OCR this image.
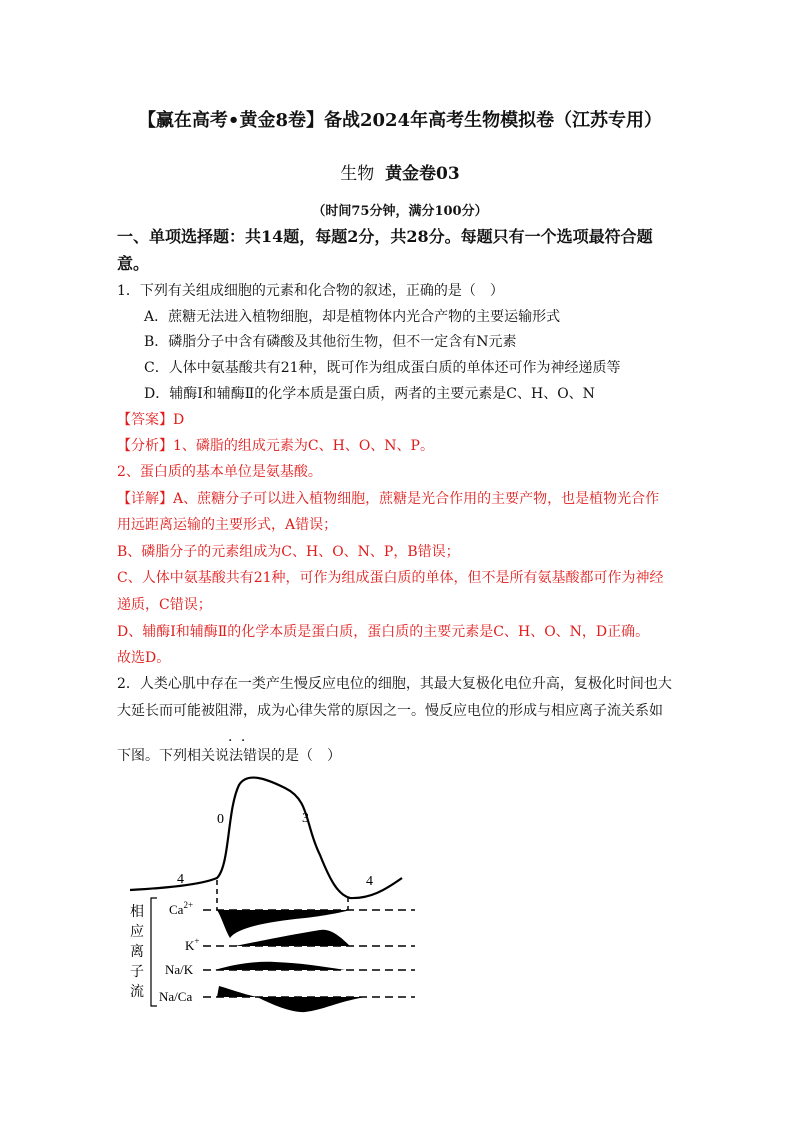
【赢在高考•黄金8卷】备战2024年高考生物模拟卷（江苏专用）
生物 黄金卷03
（时间75分钟，满分100分）
一、单项选择题：共14题，每题2分，共28分。每题只有一个选项最符合题
意。
1．下列有关组成细胞的元素和化合物的叙述，正确的是（　）
A．蔗糖无法进入植物细胞，却是植物体内光合产物的主要运输形式
B．磷脂分子中含有磷酸及其他衍生物，但不一定含有N元素
C．人体中氨基酸共有21种，既可作为组成蛋白质的单体还可作为神经递质等
D．辅酶Ⅰ和辅酶Ⅱ的化学本质是蛋白质，两者的主要元素是C、H、O、N
【答案】D
【分析】1、磷脂的组成元素为C、H、O、N、P。
2、蛋白质的基本单位是氨基酸。
【详解】A、蔗糖分子可以进入植物细胞，蔗糖是光合作用的主要产物，也是植物光合作
用远距离运输的主要形式，A错误；
B、磷脂分子的元素组成为C、H、O、N、P，B错误；
C、人体中氨基酸共有21种，可作为组成蛋白质的单体，但不是所有氨基酸都可作为神经
递质，C错误；
D、辅酶Ⅰ和辅酶Ⅱ的化学本质是蛋白质，蛋白质的主要元素是C、H、O、N，D正确。
故选D。
2．人类心肌中存在一类产生慢反应电位的细胞，其最大复极化电位升高，复极化时间也大
大延长而可能被阻滞，成为心律失常的原因之一。慢反应电位的形成与相应离子流关系如
· ·
下图。下列相关说法错误的是（　）
4
0	3
4
相
应
离
子
流
$Ca^{2+}$
K+
Na/K
Na/Ca
